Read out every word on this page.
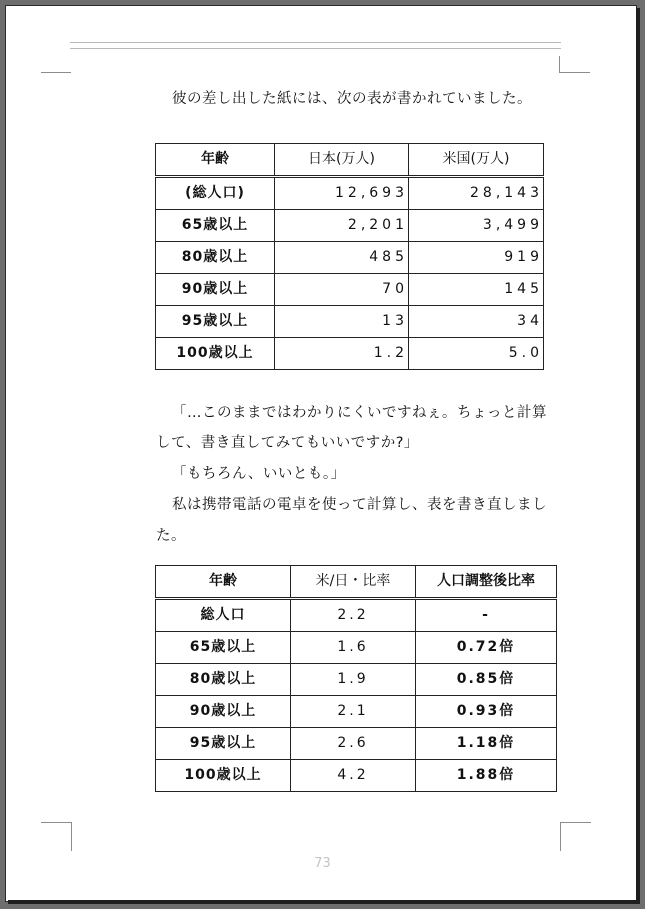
彼の差し出した紙には、次の表が書かれていました。
年齢	日本(万人)	米国(万人)
(総人口)	12,693	28,143
65歳以上	2,201	3,499
80歳以上	485	919
90歳以上	70	145
95歳以上	13	34
100歳以上	1.2	5.0
「…このままではわかりにくいですねぇ。ちょっと計算
して、書き直してみてもいいですか?」
「もちろん、いいとも。」
私は携帯電話の電卓を使って計算し、表を書き直しまし
た。
年齢	米/日・比率	人口調整後比率
総人口	2.2	-
65歳以上	1.6	0.72倍
80歳以上	1.9	0.85倍
90歳以上	2.1	0.93倍
95歳以上	2.6	1.18倍
100歳以上	4.2	1.88倍
73
